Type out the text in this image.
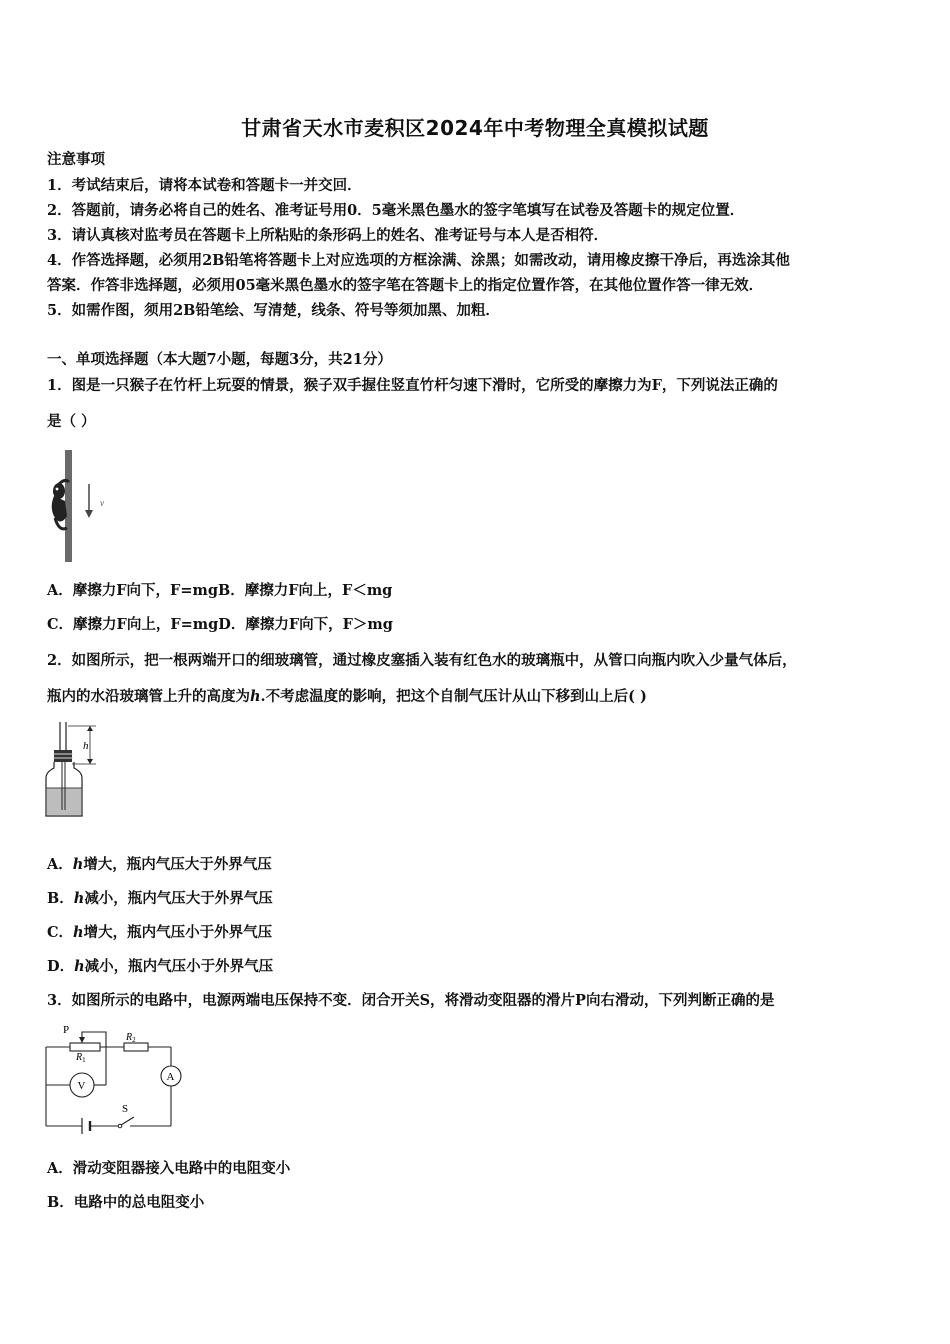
甘肃省天水市麦积区2024年中考物理全真模拟试题
注意事项
1．考试结束后，请将本试卷和答题卡一并交回．
2．答题前，请务必将自己的姓名、准考证号用0．5毫米黑色墨水的签字笔填写在试卷及答题卡的规定位置．
3．请认真核对监考员在答题卡上所粘贴的条形码上的姓名、准考证号与本人是否相符．
4．作答选择题，必须用2B铅笔将答题卡上对应选项的方框涂满、涂黑；如需改动，请用橡皮擦干净后，再选涂其他
答案．作答非选择题，必须用05毫米黑色墨水的签字笔在答题卡上的指定位置作答，在其他位置作答一律无效．
5．如需作图，须用2B铅笔绘、写清楚，线条、符号等须加黑、加粗．
一、单项选择题（本大题7小题，每题3分，共21分）
1．图是一只猴子在竹杆上玩耍的情景，猴子双手握住竖直竹杆匀速下滑时，它所受的摩擦力为F，下列说法正确的
是（ ）
v
A．摩擦力F向下，F=mgB．摩擦力F向上，F＜mg
C．摩擦力F向上，F=mgD．摩擦力F向下，F＞mg
2．如图所示，把一根两端开口的细玻璃管，通过橡皮塞插入装有红色水的玻璃瓶中，从管口向瓶内吹入少量气体后，
瓶内的水沿玻璃管上升的高度为h.不考虑温度的影响，把这个自制气压计从山下移到山上后( )
h
A．h增大，瓶内气压大于外界气压
B．h减小，瓶内气压大于外界气压
C．h增大，瓶内气压小于外界气压
D．h减小，瓶内气压小于外界气压
3．如图所示的电路中，电源两端电压保持不变．闭合开关S，将滑动变阻器的滑片P向右滑动，下列判断正确的是
P
$R_1$
$R_2$
V
A
S
A．滑动变阻器接入电路中的电阻变小
B．电路中的总电阻变小
